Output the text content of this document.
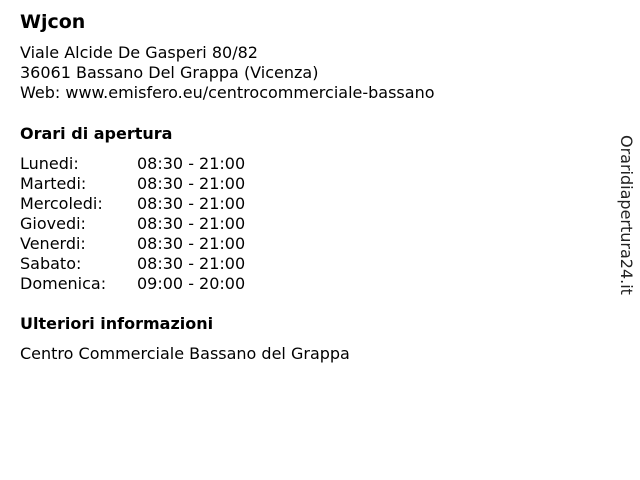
Wjcon
Viale Alcide De Gasperi 80/82
36061 Bassano Del Grappa (Vicenza)
Web: www.emisfero.eu/centrocommerciale-bassano
Orari di apertura
Lunedi:	08:30 - 21:00
Martedi:	08:30 - 21:00
Mercoledi:	08:30 - 21:00
Giovedi:	08:30 - 21:00
Venerdi:	08:30 - 21:00
Sabato:	08:30 - 21:00
Domenica:	09:00 - 20:00
Ulteriori informazioni
Centro Commerciale Bassano del Grappa
Oraridiapertura24.it
